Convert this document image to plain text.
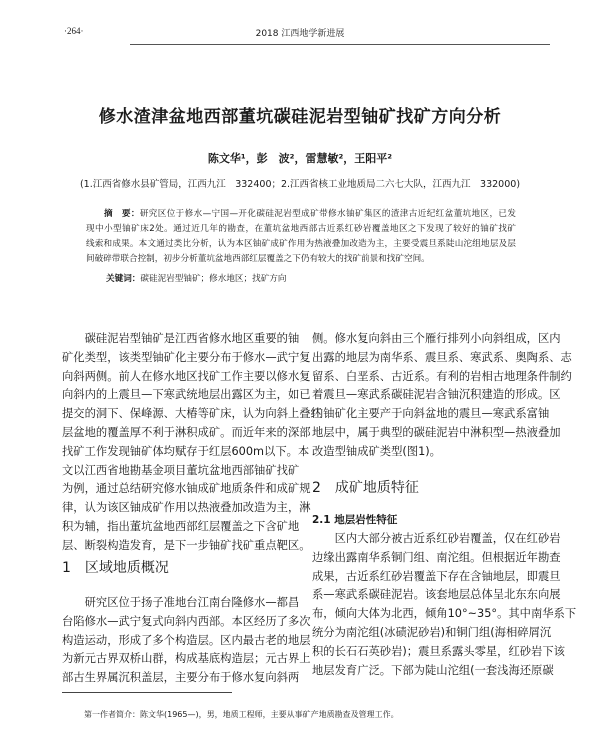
·264·	2018 江西地学新进展
修水渣津盆地西部董坑碳硅泥岩型铀矿找矿方向分析
陈文华¹，彭　波²，雷慧敏²，王阳平²
(1.江西省修水县矿管局，江西九江　332400；2.江西省核工业地质局二六七大队，江西九江　332000)
　　摘　要：研究区位于修水—宁国—开化碳硅泥岩型成矿带修水铀矿集区的渣津古近纪红盆董坑地区，已发
现中小型铀矿床2处。通过近几年的勘查，在董坑盆地西部古近系红砂岩覆盖地区之下发现了较好的铀矿找矿
线索和成果。本文通过类比分析，认为本区铀矿成矿作用为热液叠加改造为主，主要受震旦系陡山沱组地层及层
间破碎带联合控制，初步分析董坑盆地西部红层覆盖之下仍有较大的找矿前景和找矿空间。
关键词：碳硅泥岩型铀矿；修水地区；找矿方向
　　碳硅泥岩型铀矿是江西省修水地区重要的铀
矿化类型，该类型铀矿化主要分布于修水—武宁复
向斜两侧。前人在修水地区找矿工作主要以修水复
向斜内的上震旦—下寒武统地层出露区为主，如已
提交的洞下、保峰源、大椿等矿床，认为向斜上叠红
层盆地的覆盖厚不利于淋积成矿。而近年来的深部
找矿工作发现铀矿体均赋存于红层600m以下。本
文以江西省地勘基金项目董坑盆地西部铀矿找矿
为例，通过总结研究修水铀成矿地质条件和成矿规
律，认为该区铀成矿作用以热液叠加改造为主，淋
积为辅，指出董坑盆地西部红层覆盖之下含矿地
层、断裂构造发育，是下一步铀矿找矿重点靶区。
1　区域地质概况
　　研究区位于扬子准地台江南台隆修水—都昌
台陷修水—武宁复式向斜内西部。本区经历了多次
构造运动，形成了多个构造层。区内最古老的地层
为新元古界双桥山群，构成基底构造层；元古界上
部古生界属沉积盖层，主要分布于修水复向斜两
侧。修水复向斜由三个雁行排列小向斜组成，区内
出露的地层为南华系、震旦系、寒武系、奥陶系、志
留系、白垩系、古近系。有利的岩相古地理条件制约
着震旦—寒武系碳硅泥岩含铀沉积建造的形成。区
内铀矿化主要产于向斜盆地的震旦—寒武系富铀
地层中，属于典型的碳硅泥岩中淋积型—热液叠加
改造型铀成矿类型(图1)。
2　成矿地质特征
2.1 地层岩性特征
　　区内大部分被古近系红砂岩覆盖，仅在红砂岩
边缘出露南华系铜门组、南沱组。但根据近年勘查
成果，古近系红砂岩覆盖下存在含铀地层，即震旦
系—寒武系碳硅泥岩。该套地层总体呈北东东向展
布，倾向大体为北西，倾角10°~35°。其中南华系下
统分为南沱组(冰碛泥砂岩)和铜门组(海相碎屑沉
积的长石石英砂岩)；震旦系露头零星，红砂岩下该
地层发育广泛。下部为陡山沱组(一套浅海还原碳
第一作者简介：陈文华(1965—)，男，地质工程师，主要从事矿产地质勘查及管理工作。
